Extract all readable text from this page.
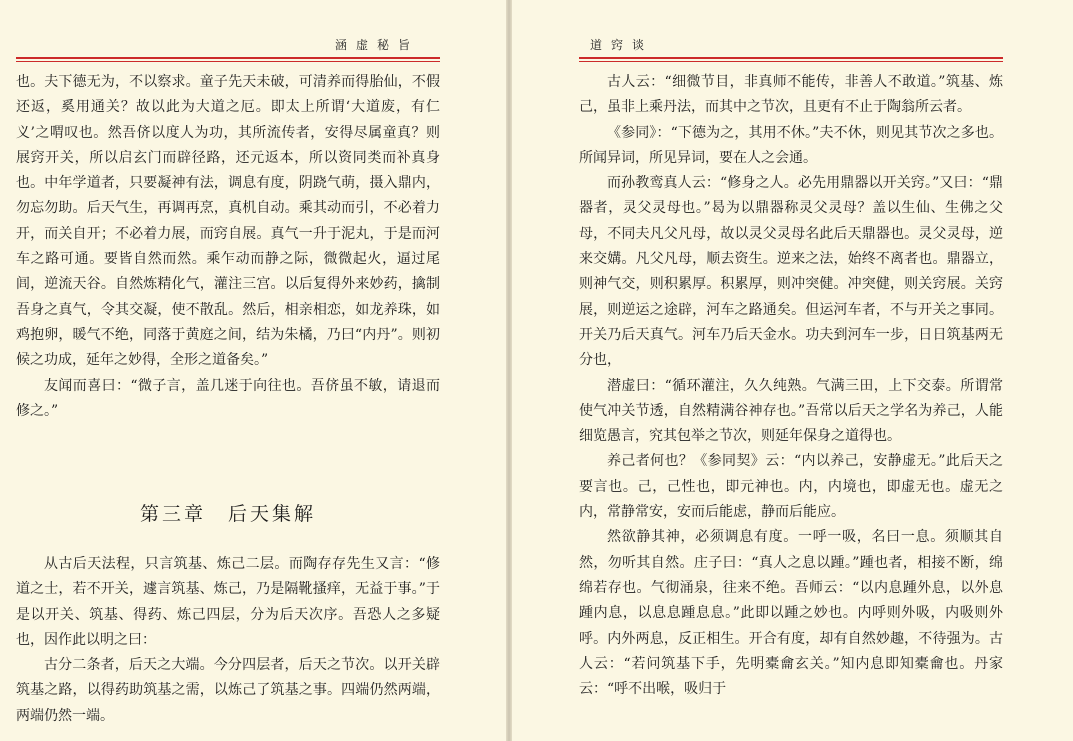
涵虚秘旨

也。夫下德无为，不以察求。童子先天未破，可清养而得胎仙，不假还返，奚用通关？故以此为大道之厄。即太上所谓‘大道废，有仁义’之喟叹也。然吾侪以度人为功，其所流传者，安得尽属童真？则展窍开关，所以启玄门而辟径路，还元返本，所以资同类而补真身也。中年学道者，只要凝神有法，调息有度，阴跷气萌，摄入鼎内，勿忘勿助。后天气生，再调再烹，真机自动。乘其动而引，不必着力开，而关自开；不必着力展，而窍自展。真气一升于泥丸，于是而河车之路可通。要皆自然而然。乘乍动而静之际，微微起火，逼过尾闾，逆流天谷。自然炼精化气，灌注三宫。以后复得外来妙药，擒制吾身之真气，令其交凝，使不散乱。然后，相亲相恋，如龙养珠，如鸡抱卵，暖气不绝，同落于黄庭之间，结为朱橘，乃曰“内丹”。则初候之功成，延年之妙得，全形之道备矣。”

友闻而喜曰：“微子言，盖几迷于向往也。吾侪虽不敏，请退而修之。”

第三章　后天集解

从古后天法程，只言筑基、炼己二层。而陶存存先生又言：“修道之士，若不开关，遽言筑基、炼己，乃是隔靴搔痒，无益于事。”于是以开关、筑基、得药、炼己四层，分为后天次序。吾恐人之多疑也，因作此以明之曰：

古分二条者，后天之大端。今分四层者，后天之节次。以开关辟筑基之路，以得药助筑基之需，以炼己了筑基之事。四端仍然两端，两端仍然一端。

道窍谈

古人云：“细微节目，非真师不能传，非善人不敢道。”筑基、炼己，虽非上乘丹法，而其中之节次，且更有不止于陶翁所云者。

《参同》：“下德为之，其用不休。”夫不休，则见其节次之多也。所闻异词，所见异词，要在人之会通。

而孙教鸾真人云：“修身之人。必先用鼎器以开关窍。”又曰：“鼎器者，灵父灵母也。”曷为以鼎器称灵父灵母？盖以生仙、生佛之父母，不同夫凡父凡母，故以灵父灵母名此后天鼎器也。灵父灵母，逆来交媾。凡父凡母，顺去资生。逆来之法，始终不离者也。鼎器立，则神气交，则积累厚。积累厚，则冲突健。冲突健，则关窍展。关窍展，则逆运之途辟，河车之路通矣。但运河车者，不与开关之事同。开关乃后天真气。河车乃后天金水。功夫到河车一步，日日筑基两无分也，

潜虚曰：“循环灌注，久久纯熟。气满三田，上下交泰。所谓常使气冲关节透，自然精满谷神存也。”吾常以后天之学名为养己，人能细览愚言，究其包举之节次，则延年保身之道得也。

养己者何也？《参同契》云：“内以养己，安静虚无。”此后天之要言也。己，己性也，即元神也。内，内境也，即虚无也。虚无之内，常静常安，安而后能虑，静而后能应。

然欲静其神，必须调息有度。一呼一吸，名曰一息。须顺其自然，勿听其自然。庄子曰：“真人之息以踵。”踵也者，相接不断，绵绵若存也。气彻涌泉，往来不绝。吾师云：“以内息踵外息，以外息踵内息，以息息踵息息。”此即以踵之妙也。内呼则外吸，内吸则外呼。内外两息，反正相生。开合有度，却有自然妙趣，不待强为。古人云：“若问筑基下手，先明橐龠玄关。”知内息即知橐龠也。丹家云：“呼不出喉，吸归于
